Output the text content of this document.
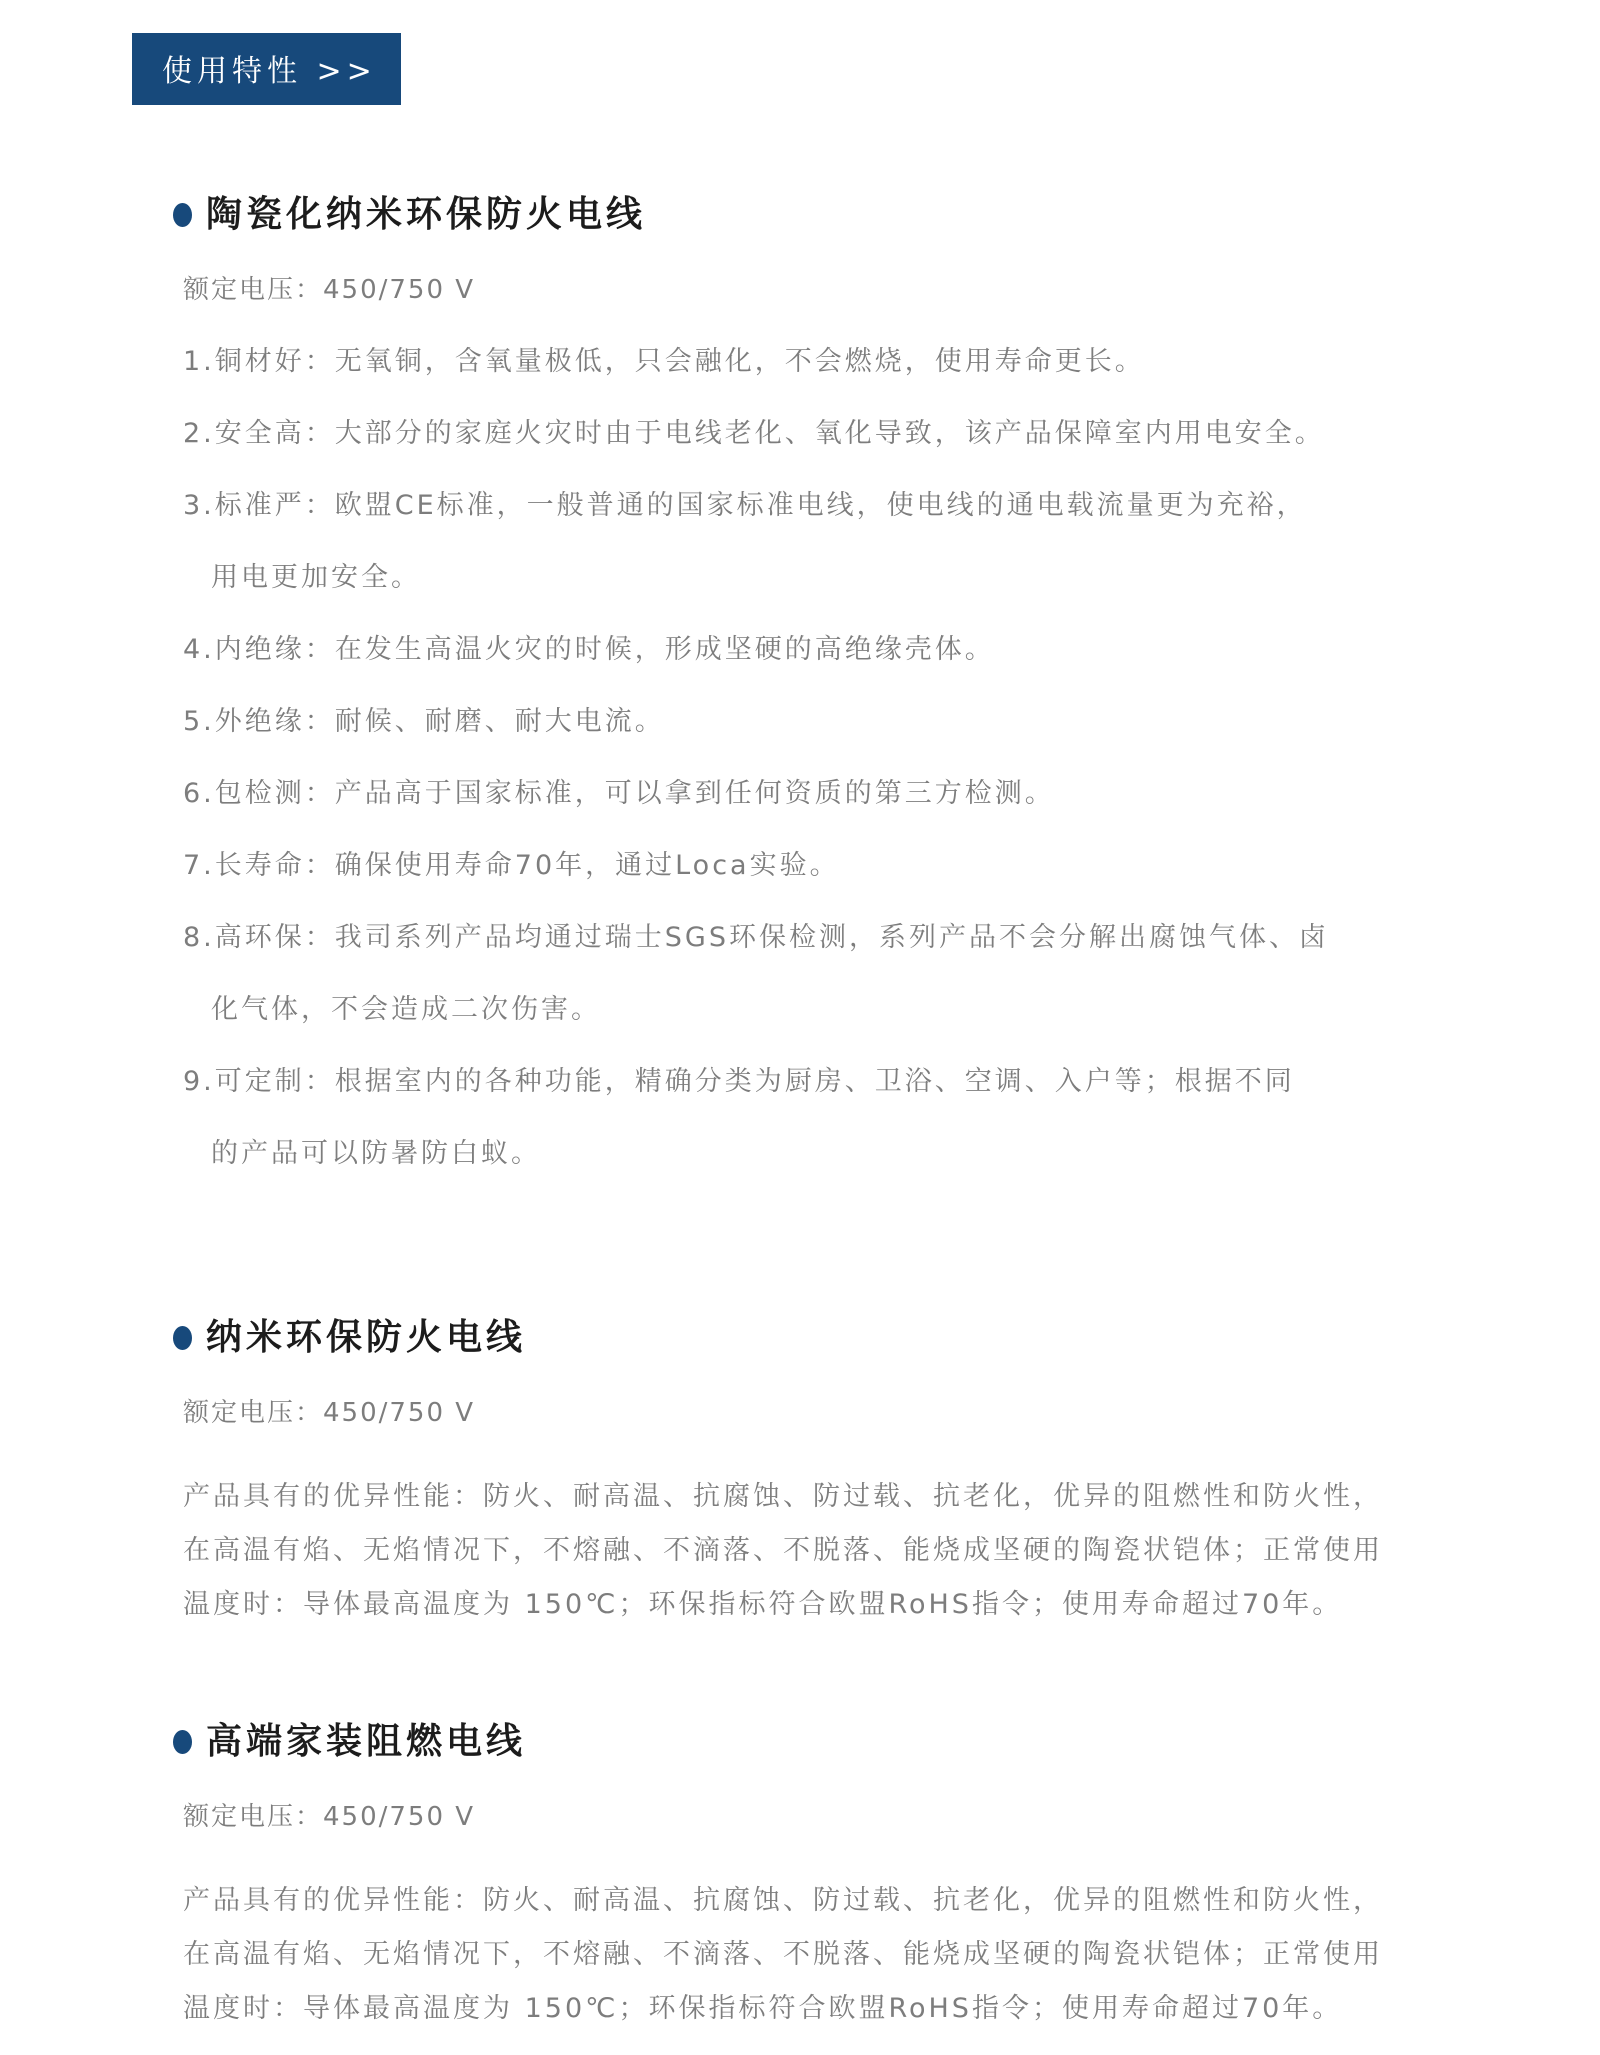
使用特性 >>
陶瓷化纳米环保防火电线

额定电压：450/750 V

1.铜材好：无氧铜，含氧量极低，只会融化，不会燃烧，使用寿命更长。

2.安全高：大部分的家庭火灾时由于电线老化、氧化导致，该产品保障室内用电安全。

3.标准严：欧盟CE标准，一般普通的国家标准电线，使电线的通电载流量更为充裕，

用电更加安全。

4.内绝缘：在发生高温火灾的时候，形成坚硬的高绝缘壳体。

5.外绝缘：耐候、耐磨、耐大电流。

6.包检测：产品高于国家标准，可以拿到任何资质的第三方检测。

7.长寿命：确保使用寿命70年，通过Loca实验。

8.高环保：我司系列产品均通过瑞士SGS环保检测，系列产品不会分解出腐蚀气体、卤

化气体，不会造成二次伤害。

9.可定制：根据室内的各种功能，精确分类为厨房、卫浴、空调、入户等；根据不同

的产品可以防暑防白蚁。

纳米环保防火电线

额定电压：450/750 V

产品具有的优异性能：防火、耐高温、抗腐蚀、防过载、抗老化，优异的阻燃性和防火性，

在高温有焰、无焰情况下，不熔融、不滴落、不脱落、能烧成坚硬的陶瓷状铠体；正常使用

温度时：导体最高温度为 150℃；环保指标符合欧盟RoHS指令；使用寿命超过70年。

高端家装阻燃电线

额定电压：450/750 V

产品具有的优异性能：防火、耐高温、抗腐蚀、防过载、抗老化，优异的阻燃性和防火性，

在高温有焰、无焰情况下，不熔融、不滴落、不脱落、能烧成坚硬的陶瓷状铠体；正常使用

温度时：导体最高温度为 150℃；环保指标符合欧盟RoHS指令；使用寿命超过70年。
